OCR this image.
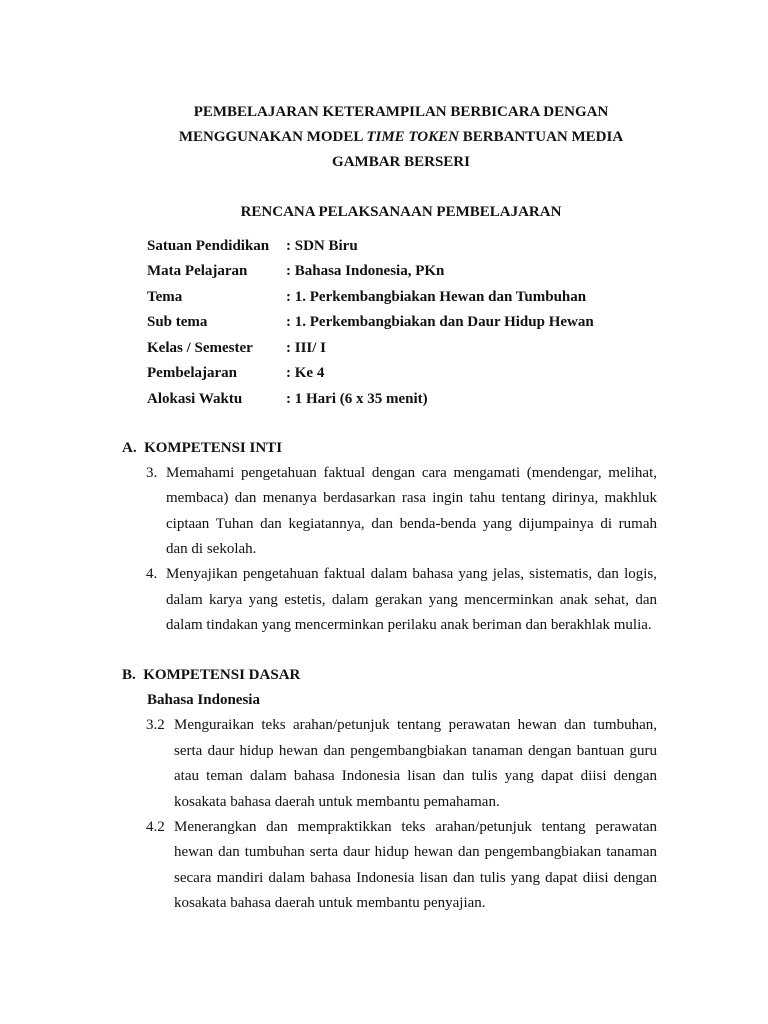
PEMBELAJARAN KETERAMPILAN BERBICARA DENGAN
MENGGUNAKAN MODEL TIME TOKEN BERBANTUAN MEDIA
GAMBAR BERSERI
RENCANA PELAKSANAAN PEMBELAJARAN
Satuan Pendidikan : SDN Biru
Mata Pelajaran	: Bahasa Indonesia, PKn
Tema	: 1. Perkembangbiakan Hewan dan Tumbuhan
Sub tema	: 1. Perkembangbiakan dan Daur Hidup Hewan
Kelas / Semester : III/ I
Pembelajaran	: Ke 4
Alokasi Waktu	: 1 Hari (6 x 35 menit)
A.  KOMPETENSI INTI
3. Memahami pengetahuan faktual dengan cara mengamati (mendengar, melihat,
membaca) dan menanya berdasarkan rasa ingin tahu tentang dirinya, makhluk
ciptaan Tuhan dan kegiatannya, dan benda-benda yang dijumpainya di rumah
dan di sekolah.
4. Menyajikan pengetahuan faktual dalam bahasa yang jelas, sistematis, dan logis,
dalam karya yang estetis, dalam gerakan yang mencerminkan anak sehat, dan
dalam tindakan yang mencerminkan perilaku anak beriman dan berakhlak mulia.
B.  KOMPETENSI DASAR
Bahasa Indonesia
3.2 Menguraikan teks arahan/petunjuk tentang perawatan hewan dan tumbuhan,
serta daur hidup hewan dan pengembangbiakan tanaman dengan bantuan guru
atau teman dalam bahasa Indonesia lisan dan tulis yang dapat diisi dengan
kosakata bahasa daerah untuk membantu pemahaman.
4.2 Menerangkan dan mempraktikkan teks arahan/petunjuk tentang perawatan
hewan dan tumbuhan serta daur hidup hewan dan pengembangbiakan tanaman
secara mandiri dalam bahasa Indonesia lisan dan tulis yang dapat diisi dengan
kosakata bahasa daerah untuk membantu penyajian.
